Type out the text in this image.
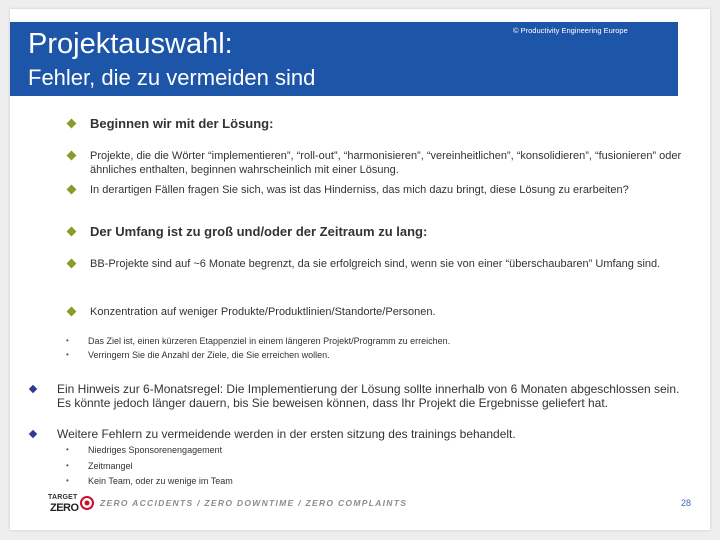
Projektauswahl:
Fehler, die zu vermeiden sind
© Productivity Engineering Europe
Beginnen wir mit der Lösung:
Projekte, die die Wörter “implementieren”, “roll-out”, “harmonisieren”, “vereinheitlichen”, “konsolidieren”, “fusionieren” oder ähnliches enthalten, beginnen wahrscheinlich mit einer Lösung.
In derartigen Fällen fragen Sie sich, was ist das Hinderniss, das mich dazu bringt, diese Lösung zu erarbeiten?
Der Umfang ist zu groß und/oder der Zeitraum zu lang:
BB-Projekte sind auf ~6 Monate begrenzt, da sie erfolgreich sind, wenn sie von einer “überschaubaren” Umfang sind.
Konzentration auf weniger Produkte/Produktlinien/Standorte/Personen.
•	Das Ziel ist, einen kürzeren Etappenziel in einem längeren Projekt/Programm zu erreichen.
•	Verringern Sie die Anzahl der Ziele, die Sie erreichen wollen.
Ein Hinweis zur 6-Monatsregel: Die Implementierung der Lösung sollte innerhalb von 6 Monaten abgeschlossen sein. Es könnte jedoch länger dauern, bis Sie beweisen können, dass Ihr Projekt die Ergebnisse geliefert hat.
Weitere Fehlern zu vermeidende werden in der ersten sitzung des trainings behandelt.
•	Niedriges Sponsorenengagement
•	Zeitmangel
•	Kein Team, oder zu wenige im Team
TARGET
ZERO	ZERO ACCIDENTS / ZERO DOWNTIME / ZERO COMPLAINTS	28
